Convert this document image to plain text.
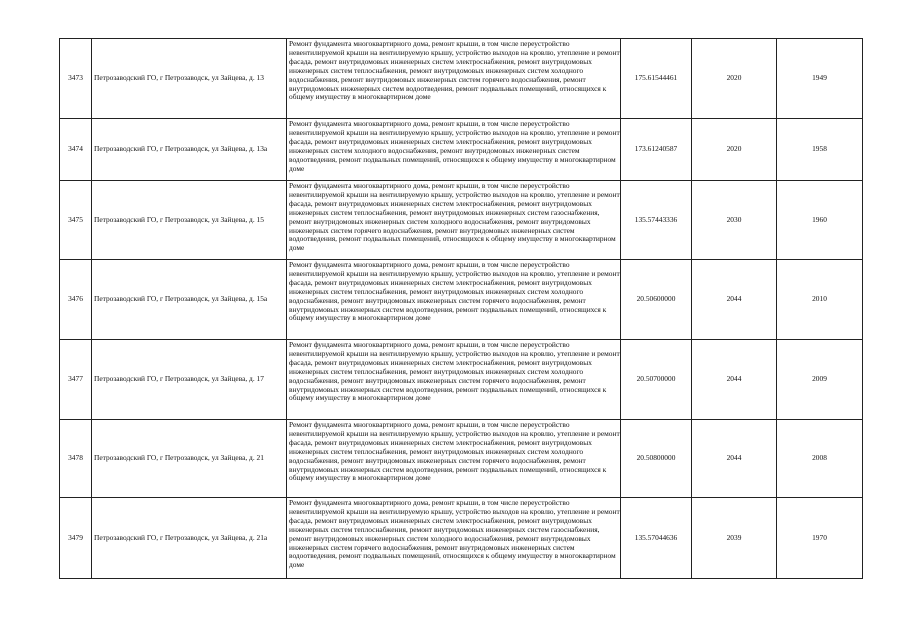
3473	Петрозаводский ГО, г Петрозаводск, ул Зайцева, д. 13	Ремонт фундамента многоквартирного дома, ремонт крыши, в том числе переустройство невентилируемой крыши на вентилируемую крышу, устройство выходов на кровлю, утепление и ремонт фасада, ремонт внутридомовых инженерных систем электроснабжения, ремонт внутридомовых инженерных систем теплоснабжения, ремонт внутридомовых инженерных систем холодного водоснабжения, ремонт внутридомовых инженерных систем горячего водоснабжения, ремонт внутридомовых инженерных систем водоотведения, ремонт подвальных помещений, относящихся к общему имуществу в многоквартирном доме	175.61544461	2020	1949
3474	Петрозаводский ГО, г Петрозаводск, ул Зайцева, д. 13а	Ремонт фундамента многоквартирного дома, ремонт крыши, в том числе переустройство невентилируемой крыши на вентилируемую крышу, устройство выходов на кровлю, утепление и ремонт фасада, ремонт внутридомовых инженерных систем электроснабжения, ремонт внутридомовых инженерных систем холодного водоснабжения, ремонт внутридомовых инженерных систем водоотведения, ремонт подвальных помещений, относящихся к общему имуществу в многоквартирном доме	173.61240587	2020	1958
3475	Петрозаводский ГО, г Петрозаводск, ул Зайцева, д. 15	Ремонт фундамента многоквартирного дома, ремонт крыши, в том числе переустройство невентилируемой крыши на вентилируемую крышу, устройство выходов на кровлю, утепление и ремонт фасада, ремонт внутридомовых инженерных систем электроснабжения, ремонт внутридомовых инженерных систем теплоснабжения, ремонт внутридомовых инженерных систем газоснабжения, ремонт внутридомовых инженерных систем холодного водоснабжения, ремонт внутридомовых инженерных систем горячего водоснабжения, ремонт внутридомовых инженерных систем водоотведения, ремонт подвальных помещений, относящихся к общему имуществу в многоквартирном доме	135.57443336	2030	1960
3476	Петрозаводский ГО, г Петрозаводск, ул Зайцева, д. 15а	Ремонт фундамента многоквартирного дома, ремонт крыши, в том числе переустройство невентилируемой крыши на вентилируемую крышу, устройство выходов на кровлю, утепление и ремонт фасада, ремонт внутридомовых инженерных систем электроснабжения, ремонт внутридомовых инженерных систем теплоснабжения, ремонт внутридомовых инженерных систем холодного водоснабжения, ремонт внутридомовых инженерных систем горячего водоснабжения, ремонт внутридомовых инженерных систем водоотведения, ремонт подвальных помещений, относящихся к общему имуществу в многоквартирном доме	20.50600000	2044	2010
3477	Петрозаводский ГО, г Петрозаводск, ул Зайцева, д. 17	Ремонт фундамента многоквартирного дома, ремонт крыши, в том числе переустройство невентилируемой крыши на вентилируемую крышу, устройство выходов на кровлю, утепление и ремонт фасада, ремонт внутридомовых инженерных систем электроснабжения, ремонт внутридомовых инженерных систем теплоснабжения, ремонт внутридомовых инженерных систем холодного водоснабжения, ремонт внутридомовых инженерных систем горячего водоснабжения, ремонт внутридомовых инженерных систем водоотведения, ремонт подвальных помещений, относящихся к общему имуществу в многоквартирном доме	20.50700000	2044	2009
3478	Петрозаводский ГО, г Петрозаводск, ул Зайцева, д. 21	Ремонт фундамента многоквартирного дома, ремонт крыши, в том числе переустройство невентилируемой крыши на вентилируемую крышу, устройство выходов на кровлю, утепление и ремонт фасада, ремонт внутридомовых инженерных систем электроснабжения, ремонт внутридомовых инженерных систем теплоснабжения, ремонт внутридомовых инженерных систем холодного водоснабжения, ремонт внутридомовых инженерных систем горячего водоснабжения, ремонт внутридомовых инженерных систем водоотведения, ремонт подвальных помещений, относящихся к общему имуществу в многоквартирном доме	20.50800000	2044	2008
3479	Петрозаводский ГО, г Петрозаводск, ул Зайцева, д. 21а	Ремонт фундамента многоквартирного дома, ремонт крыши, в том числе переустройство невентилируемой крыши на вентилируемую крышу, устройство выходов на кровлю, утепление и ремонт фасада, ремонт внутридомовых инженерных систем электроснабжения, ремонт внутридомовых инженерных систем теплоснабжения, ремонт внутридомовых инженерных систем газоснабжения, ремонт внутридомовых инженерных систем холодного водоснабжения, ремонт внутридомовых инженерных систем горячего водоснабжения, ремонт внутридомовых инженерных систем водоотведения, ремонт подвальных помещений, относящихся к общему имуществу в многоквартирном доме	135.57044636	2039	1970
